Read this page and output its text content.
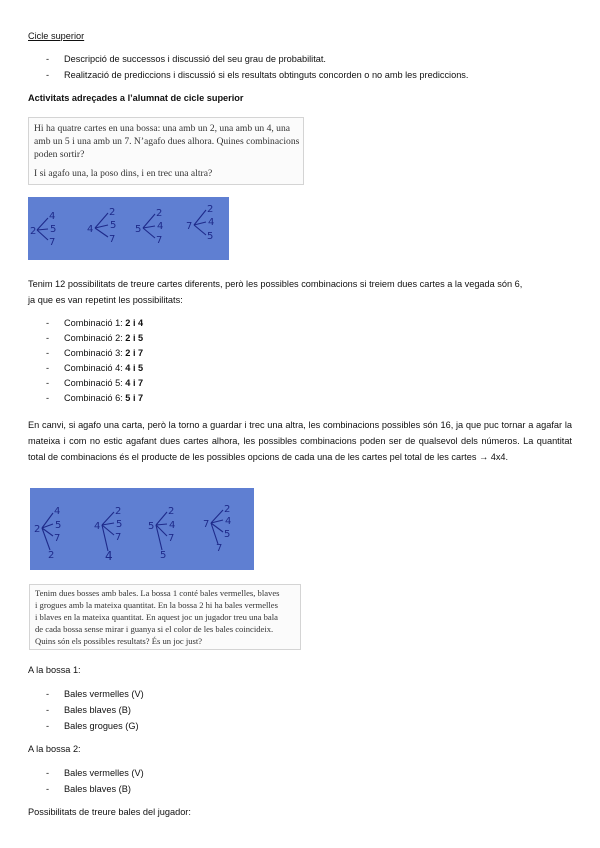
Cicle superior
- Descripció de successos i discussió del seu grau de probabilitat.
- Realització de prediccions i discussió si els resultats obtinguts concorden o no amb les prediccions.
Activitats adreçades a l’alumnat de cicle superior
Hi ha quatre cartes en una bossa: una amb un 2, una amb un 4, una
amb un 5 i una amb un 7. N’agafo dues alhora. Quines combinacions
poden sortir?
I si agafo una, la poso dins, i en trec una altra?
2
4
5
7
4
2
5
7
5
2
4
7
7
2
4
5
Tenim 12 possibilitats de treure cartes diferents, però les possibles combinacions si treiem dues cartes a la vegada són 6,
ja que es van repetint les possibilitats:
- Combinació 1: 2 i 4
- Combinació 2: 2 i 5
- Combinació 3: 2 i 7
- Combinació 4: 4 i 5
- Combinació 5: 4 i 7
- Combinació 6: 5 i 7
En canvi, si agafo una carta, però la torno a guardar i trec una altra, les combinacions possibles són 16, ja que puc tornar a agafar la mateixa i com no estic agafant dues cartes alhora, les possibles combinacions poden ser de qualsevol dels números. La quantitat total de combinacions és el producte de les possibles opcions de cada una de les cartes pel total de les cartes → 4x4.
2
4
5
7
2
4
2
5
7
4
5
2
4
7
5
7
2
4
5
7
Tenim dues bosses amb bales. La bossa 1 conté bales vermelles, blaves
i grogues amb la mateixa quantitat. En la bossa 2 hi ha bales vermelles
i blaves en la mateixa quantitat. En aquest joc un jugador treu una bala
de cada bossa sense mirar i guanya si el color de les bales coincideix.
Quins són els possibles resultats? És un joc just?
A la bossa 1:
- Bales vermelles (V)
- Bales blaves (B)
- Bales grogues (G)
A la bossa 2:
- Bales vermelles (V)
- Bales blaves (B)
Possibilitats de treure bales del jugador:
